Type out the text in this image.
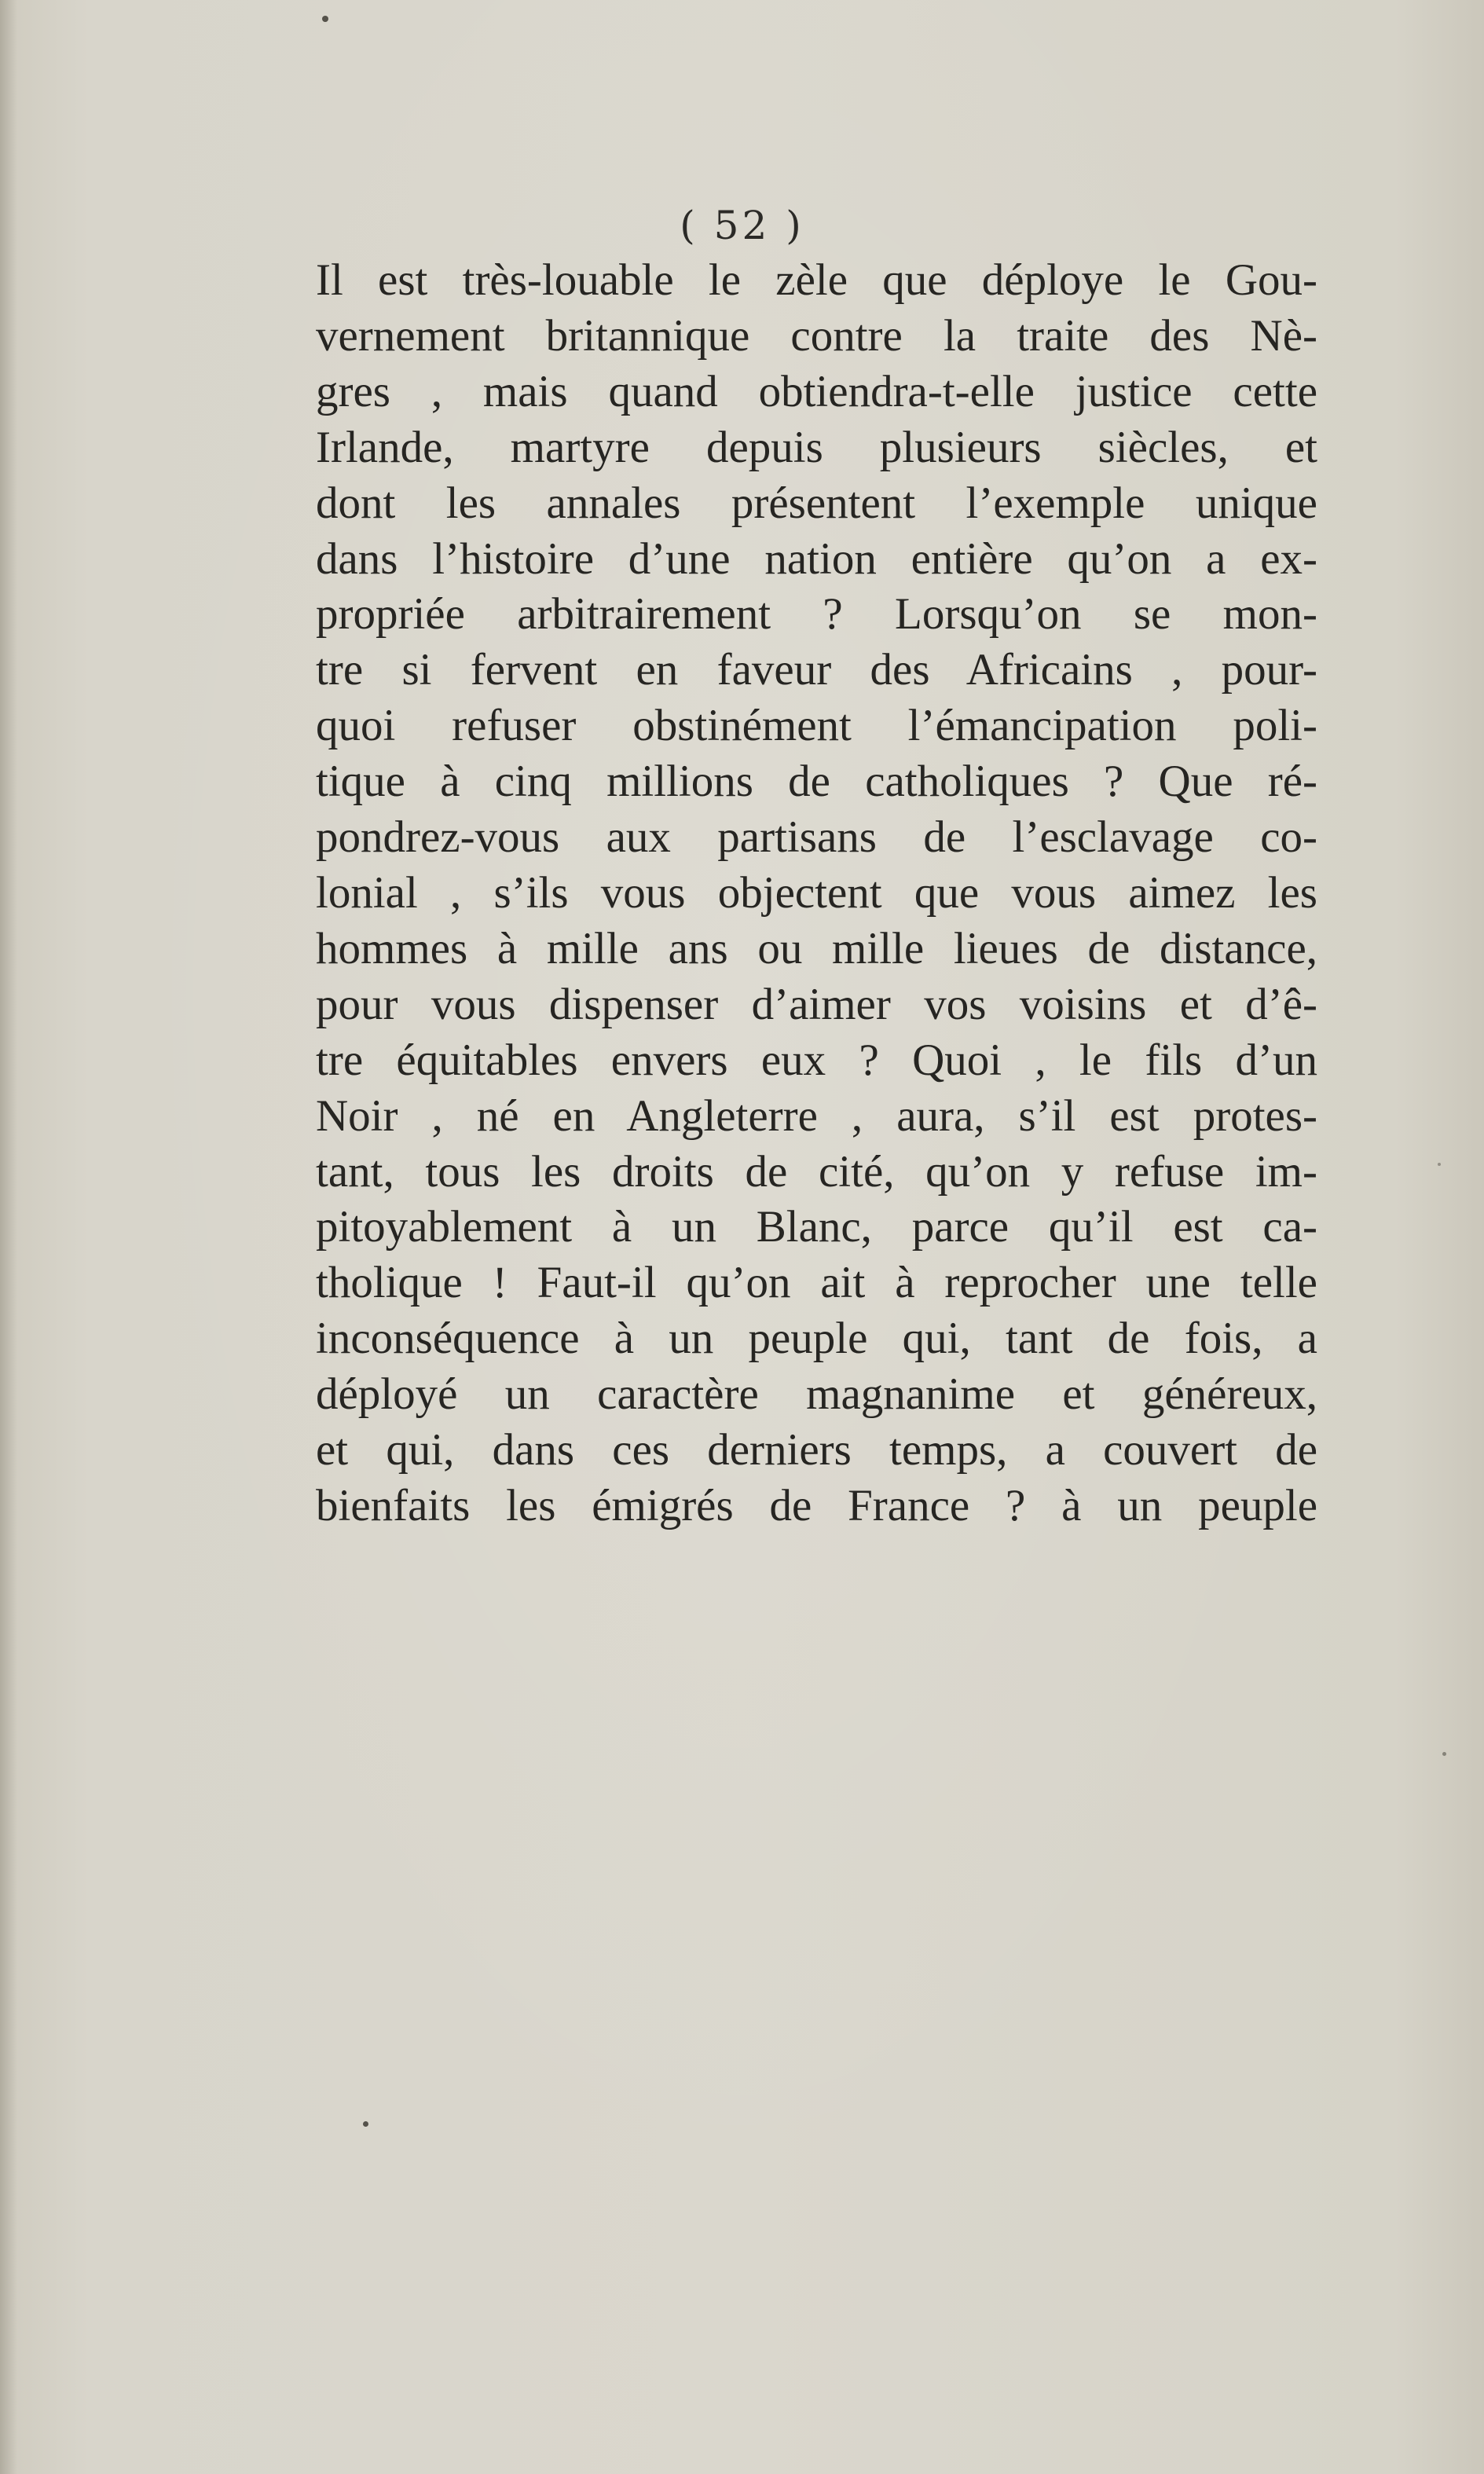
( 52 )
Il est très-louable le zèle que déploye le Gou-
vernement britannique contre la traite des Nè-
gres , mais quand obtiendra-t-elle justice cette
Irlande, martyre depuis plusieurs siècles, et
dont les annales présentent l’exemple unique
dans l’histoire d’une nation entière qu’on a ex-
propriée arbitrairement ? Lorsqu’on se mon-
tre si fervent en faveur des Africains , pour-
quoi refuser obstinément l’émancipation poli-
tique à cinq millions de catholiques ? Que ré-
pondrez-vous aux partisans de l’esclavage co-
lonial , s’ils vous objectent que vous aimez les
hommes à mille ans ou mille lieues de distance,
pour vous dispenser d’aimer vos voisins et d’ê-
tre équitables envers eux ? Quoi , le fils d’un
Noir , né en Angleterre , aura, s’il est protes-
tant, tous les droits de cité, qu’on y refuse im-
pitoyablement à un Blanc, parce qu’il est ca-
tholique ! Faut-il qu’on ait à reprocher une telle
inconséquence à un peuple qui, tant de fois, a
déployé un caractère magnanime et généreux,
et qui, dans ces derniers temps, a couvert de
bienfaits les émigrés de France ? à un peuple
